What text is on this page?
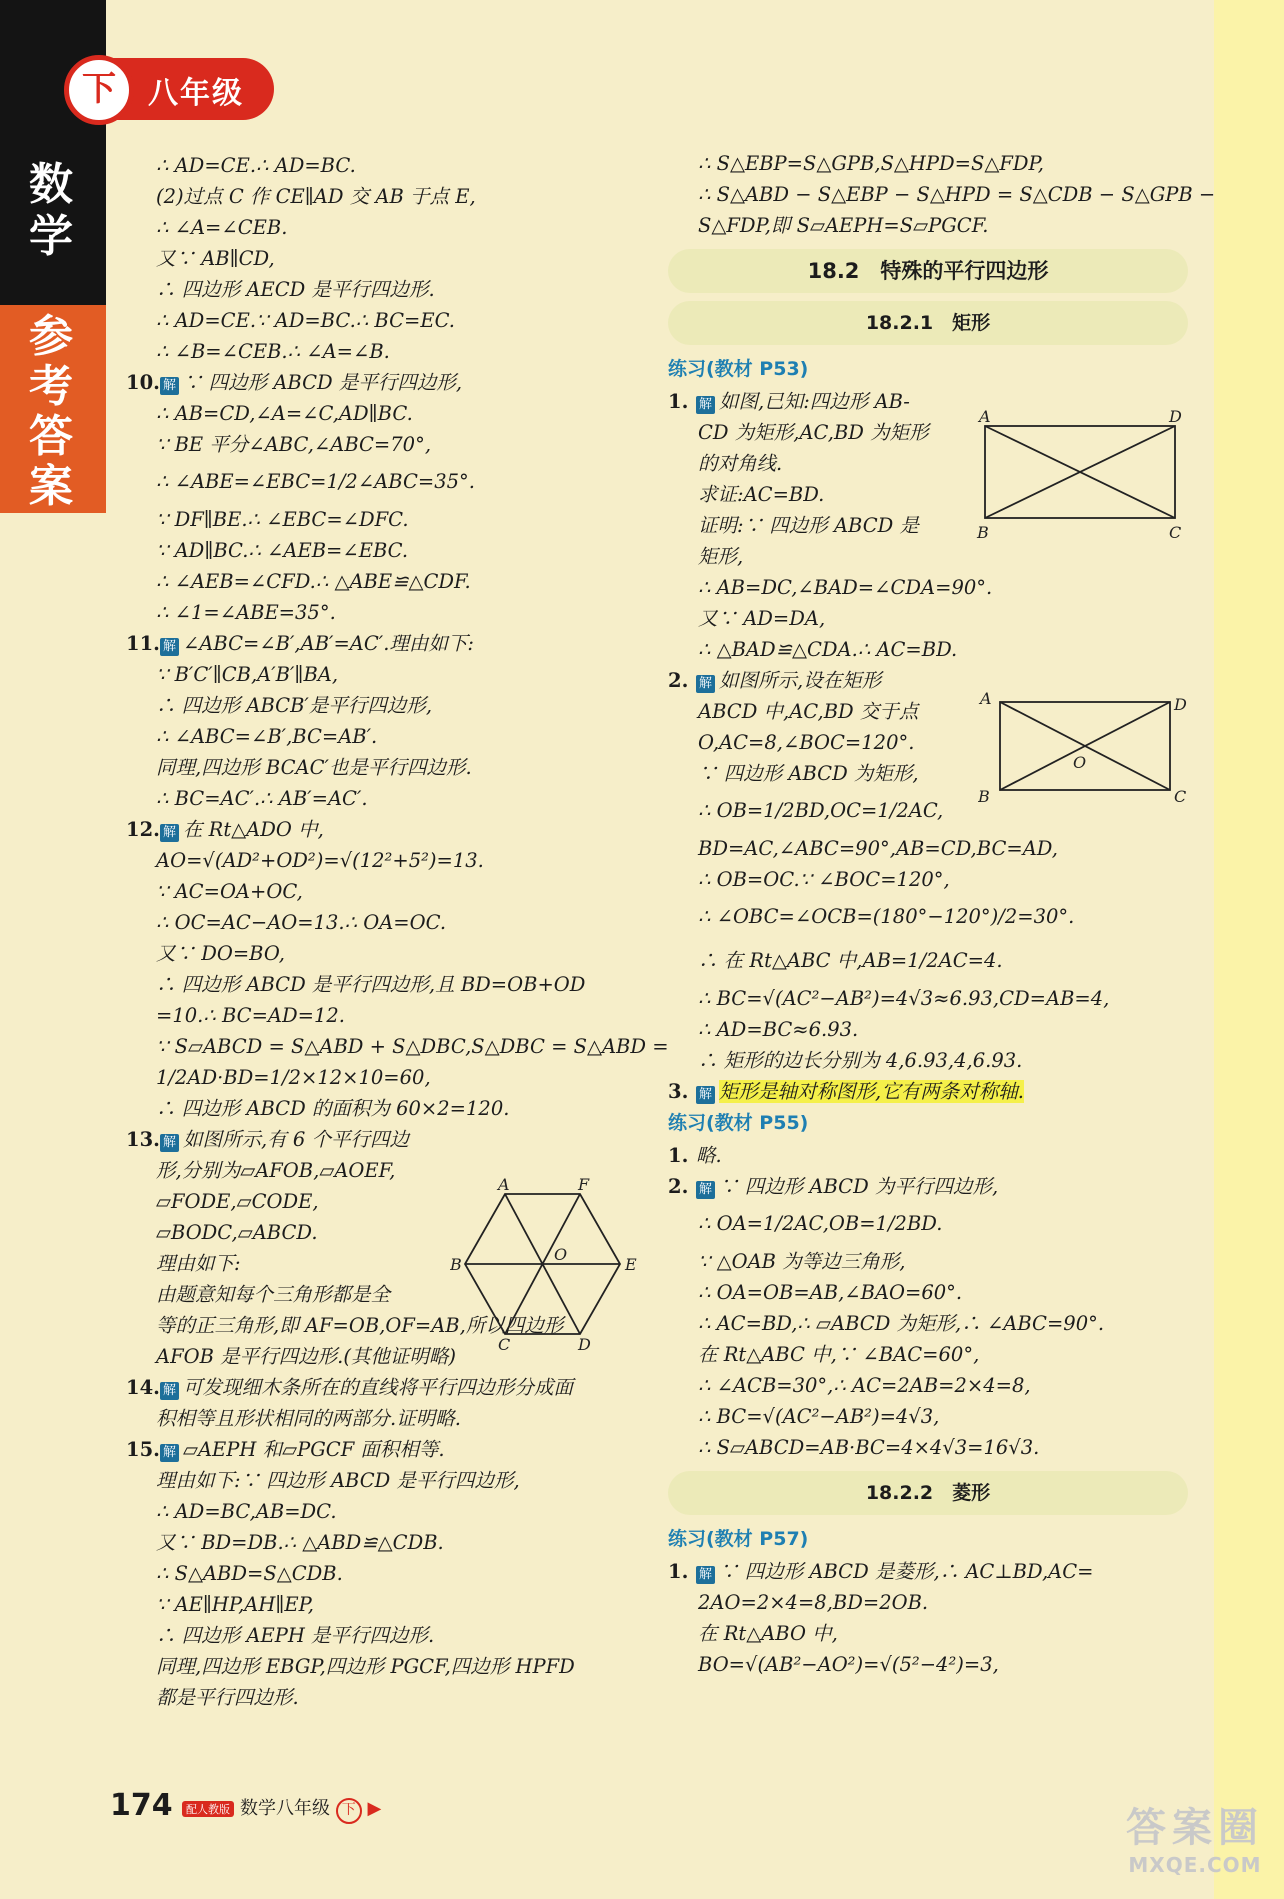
数
学
参
考
答
案
下	八年级
∴ AD=CE.∴ AD=BC.
(2)过点 C 作 CE∥AD 交 AB 于点 E,
∴ ∠A=∠CEB.
又∵ AB∥CD,
∴ 四边形 AECD 是平行四边形.
∴ AD=CE.∵ AD=BC.∴ BC=EC.
∴ ∠B=∠CEB.∴ ∠A=∠B.
10. 解 ∵ 四边形 ABCD 是平行四边形,
∴ AB=CD,∠A=∠C,AD∥BC.
∵ BE 平分∠ABC,∠ABC=70°,
∴ ∠ABE=∠EBC=1/2∠ABC=35°.
∵ DF∥BE.∴ ∠EBC=∠DFC.
∵ AD∥BC.∴ ∠AEB=∠EBC.
∴ ∠AEB=∠CFD.∴ △ABE≌△CDF.
∴ ∠1=∠ABE=35°.
11. 解 ∠ABC=∠B′,AB′=AC′.理由如下:
∵ B′C′∥CB,A′B′∥BA,
∴ 四边形 ABCB′是平行四边形,
∴ ∠ABC=∠B′,BC=AB′.
同理,四边形 BCAC′也是平行四边形.
∴ BC=AC′.∴ AB′=AC′.
12. 解 在 Rt△ADO 中,
AO=√(AD²+OD²)=√(12²+5²)=13.
∵ AC=OA+OC,
∴ OC=AC−AO=13.∴ OA=OC.
又∵ DO=BO,
∴ 四边形 ABCD 是平行四边形,且 BD=OB+OD
=10.∴ BC=AD=12.
∵ S▱ABCD = S△ABD + S△DBC,S△DBC = S△ABD =
1/2AD·BD=1/2×12×10=60,
∴ 四边形 ABCD 的面积为 60×2=120.
13. 解 如图所示,有 6 个平行四边
形,分别为▱AFOB,▱AOEF,
▱FODE,▱CODE,
▱BODC,▱ABCD.
理由如下:
由题意知每个三角形都是全
等的正三角形,即 AF=OB,OF=AB,所以四边形
AFOB 是平行四边形.(其他证明略)
14. 解 可发现细木条所在的直线将平行四边形分成面
积相等且形状相同的两部分.证明略.
15. 解 ▱AEPH 和▱PGCF 面积相等.
理由如下:∵ 四边形 ABCD 是平行四边形,
∴ AD=BC,AB=DC.
又∵ BD=DB.∴ △ABD≌△CDB.
∴ S△ABD=S△CDB.
∵ AE∥HP,AH∥EP,
∴ 四边形 AEPH 是平行四边形.
同理,四边形 EBGP,四边形 PGCF,四边形 HPFD
都是平行四边形.
∴ S△EBP=S△GPB,S△HPD=S△FDP,
∴ S△ABD − S△EBP − S△HPD = S△CDB − S△GPB −
S△FDP,即 S▱AEPH=S▱PGCF.
18.2　特殊的平行四边形
18.2.1　矩形
练习(教材 P53)
1. 解 如图,已知:四边形 AB-
CD 为矩形,AC,BD 为矩形
的对角线.
求证:AC=BD.
证明:∵ 四边形 ABCD 是
矩形,
∴ AB=DC,∠BAD=∠CDA=90°.
又∵ AD=DA,
∴ △BAD≌△CDA.∴ AC=BD.
2. 解 如图所示,设在矩形
ABCD 中,AC,BD 交于点
O,AC=8,∠BOC=120°.
∵ 四边形 ABCD 为矩形,
∴ OB=1/2BD,OC=1/2AC,
BD=AC,∠ABC=90°,AB=CD,BC=AD,
∴ OB=OC.∵ ∠BOC=120°,
∴ ∠OBC=∠OCB=(180°−120°)/2=30°.
∴ 在 Rt△ABC 中,AB=1/2AC=4.
∴ BC=√(AC²−AB²)=4√3≈6.93,CD=AB=4,
∴ AD=BC≈6.93.
∴ 矩形的边长分别为 4,6.93,4,6.93.
3. 解 矩形是轴对称图形,它有两条对称轴.
练习(教材 P55)
1. 略.
2. 解 ∵ 四边形 ABCD 为平行四边形,
∴ OA=1/2AC,OB=1/2BD.
∵ △OAB 为等边三角形,
∴ OA=OB=AB,∠BAO=60°.
∴ AC=BD,∴ ▱ABCD 为矩形,∴ ∠ABC=90°.
在 Rt△ABC 中,∵ ∠BAC=60°,
∴ ∠ACB=30°,∴ AC=2AB=2×4=8,
∴ BC=√(AC²−AB²)=4√3,
∴ S▱ABCD=AB·BC=4×4√3=16√3.
18.2.2　菱形
练习(教材 P57)
1. 解 ∵ 四边形 ABCD 是菱形,∴ AC⊥BD,AC=
2AO=2×4=8,BD=2OB.
在 Rt△ABO 中,
BO=√(AB²−AO²)=√(5²−4²)=3,
A	F
O
B	E
C	D
A	D
B	C
A	D
O
B	C
174	配人教版 数学八年级 下 ▶	答案圈
MXQE.COM
